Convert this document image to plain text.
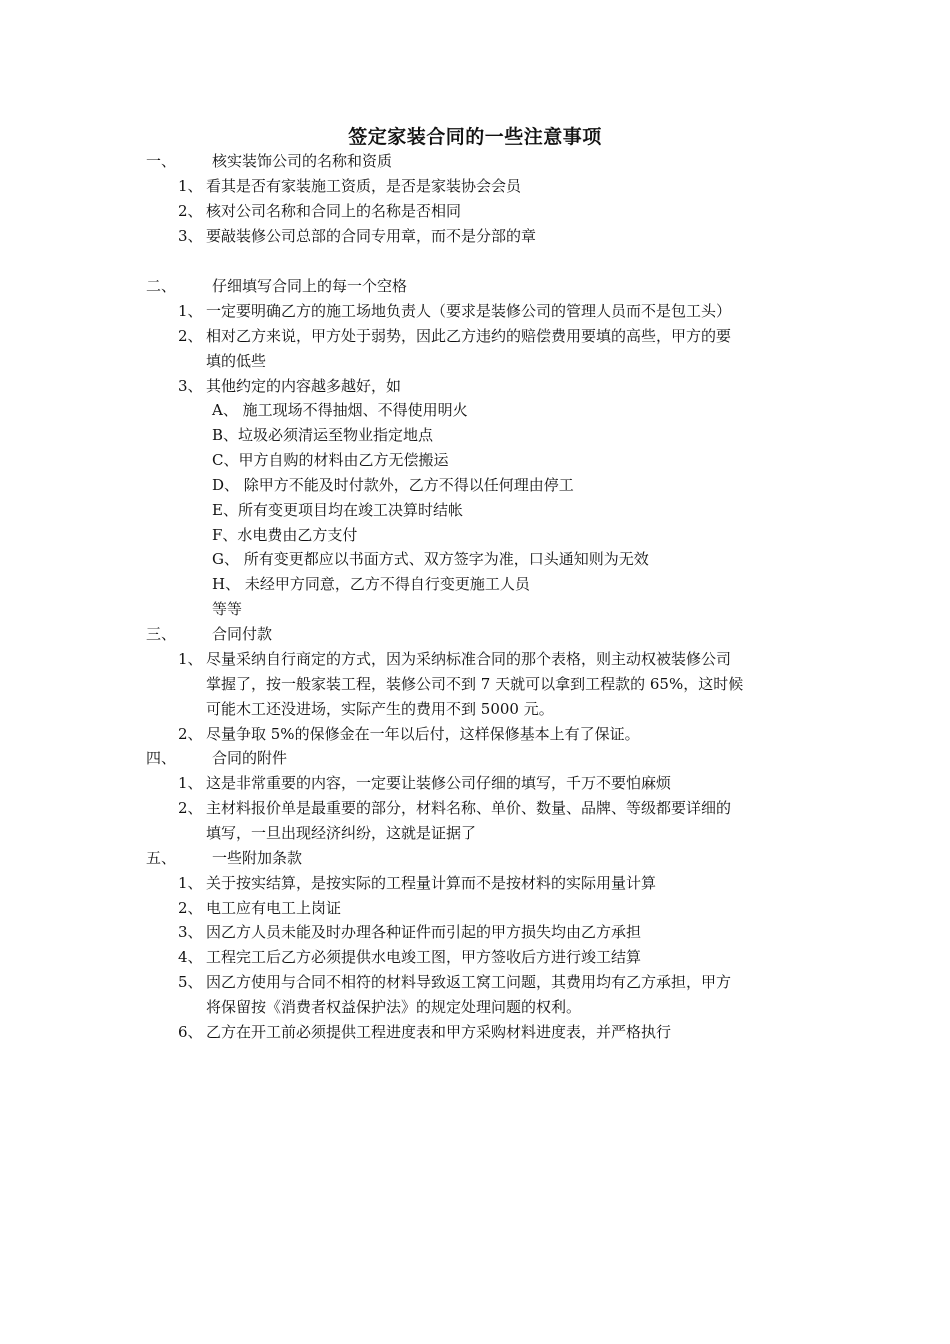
签定家装合同的一些注意事项
一、 核实装饰公司的名称和资质
1、 看其是否有家装施工资质，是否是家装协会会员
2、 核对公司名称和合同上的名称是否相同
3、 要敲装修公司总部的合同专用章，而不是分部的章
二、 仔细填写合同上的每一个空格
1、 一定要明确乙方的施工场地负责人（要求是装修公司的管理人员而不是包工头）
2、 相对乙方来说，甲方处于弱势，因此乙方违约的赔偿费用要填的高些，甲方的要
填的低些
3、 其他约定的内容越多越好，如
A、 施工现场不得抽烟、不得使用明火
B、垃圾必须清运至物业指定地点
C、甲方自购的材料由乙方无偿搬运
D、 除甲方不能及时付款外，乙方不得以任何理由停工
E、所有变更项目均在竣工决算时结帐
F、水电费由乙方支付
G、 所有变更都应以书面方式、双方签字为准，口头通知则为无效
H、 未经甲方同意，乙方不得自行变更施工人员
等等
三、 合同付款
1、 尽量采纳自行商定的方式，因为采纳标准合同的那个表格，则主动权被装修公司
掌握了，按一般家装工程，装修公司不到 7 天就可以拿到工程款的 65%，这时候
可能木工还没进场，实际产生的费用不到 5000 元。
2、 尽量争取 5%的保修金在一年以后付，这样保修基本上有了保证。
四、 合同的附件
1、 这是非常重要的内容，一定要让装修公司仔细的填写，千万不要怕麻烦
2、 主材料报价单是最重要的部分，材料名称、单价、数量、品牌、等级都要详细的
填写，一旦出现经济纠纷，这就是证据了
五、 一些附加条款
1、 关于按实结算，是按实际的工程量计算而不是按材料的实际用量计算
2、 电工应有电工上岗证
3、 因乙方人员未能及时办理各种证件而引起的甲方损失均由乙方承担
4、 工程完工后乙方必须提供水电竣工图，甲方签收后方进行竣工结算
5、 因乙方使用与合同不相符的材料导致返工窝工问题，其费用均有乙方承担，甲方
将保留按《消费者权益保护法》的规定处理问题的权利。
6、 乙方在开工前必须提供工程进度表和甲方采购材料进度表，并严格执行
